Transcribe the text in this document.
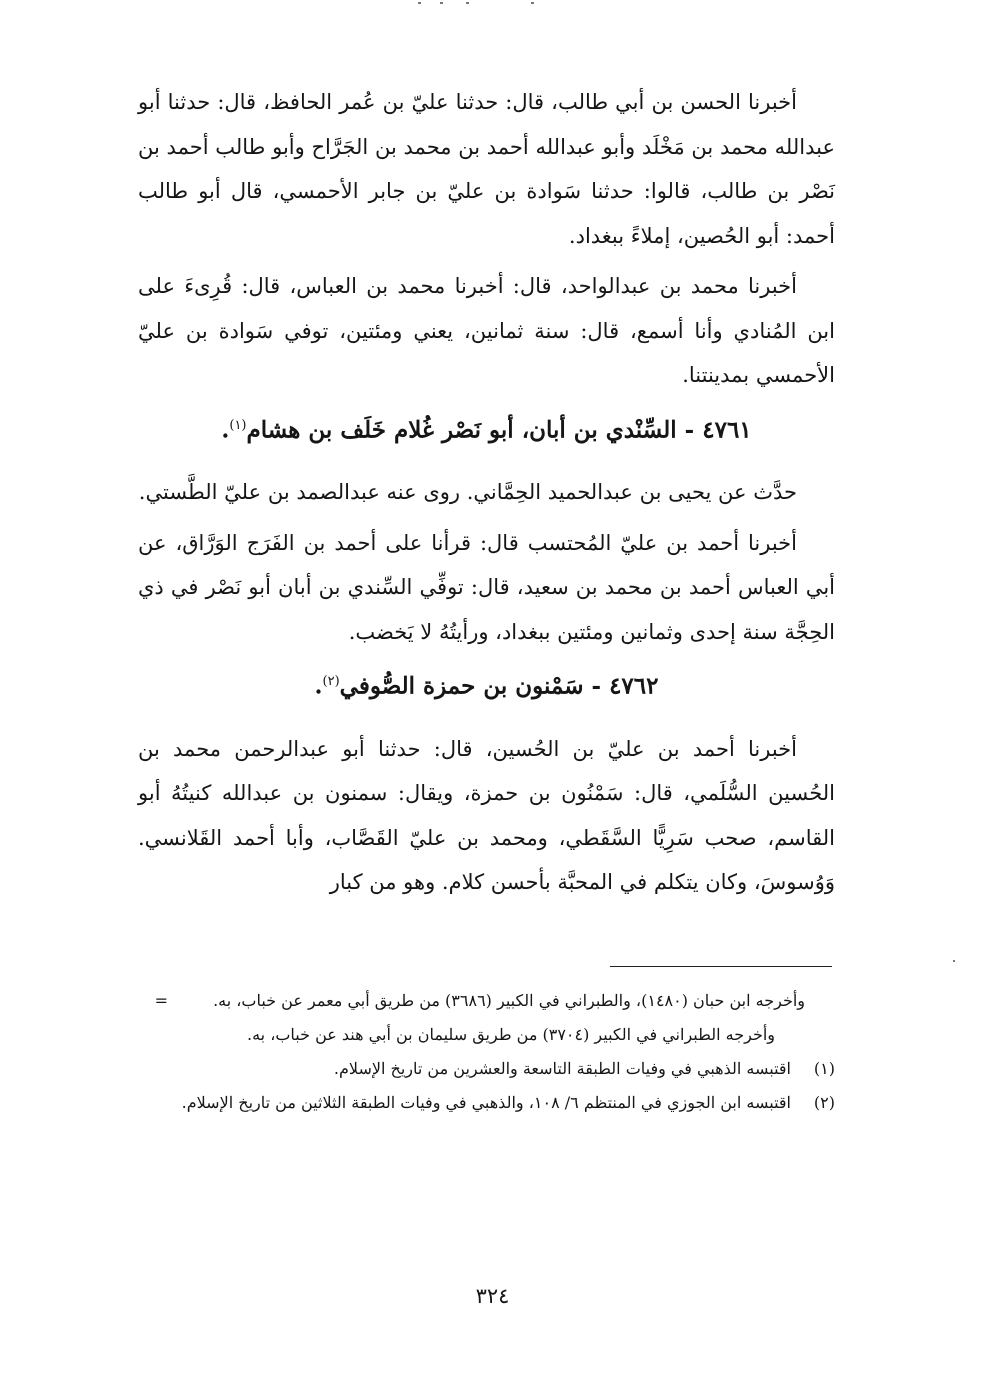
أخبرنا الحسن بن أبي طالب، قال: حدثنا عليّ بن عُمر الحافظ، قال: حدثنا أبو عبدالله محمد بن مَخْلَد وأبو عبدالله أحمد بن محمد بن الجَرَّاح وأبو طالب أحمد بن نَصْر بن طالب، قالوا: حدثنا سَوادة بن عليّ بن جابر الأحمسي، قال أبو طالب أحمد: أبو الحُصين، إملاءً ببغداد.

أخبرنا محمد بن عبدالواحد، قال: أخبرنا محمد بن العباس، قال: قُرِىءَ على ابن المُنادي وأنا أسمع، قال: سنة ثمانين، يعني ومئتين، توفي سَوادة بن عليّ الأحمسي بمدينتنا.

٤٧٦١ - السِّنْدي بن أبان، أبو نَصْر غُلام خَلَف بن هشام$^{(١)}$.

حدَّث عن يحيى بن عبدالحميد الحِمَّاني. روى عنه عبدالصمد بن عليّ الطَّستي.

أخبرنا أحمد بن عليّ المُحتسب قال: قرأنا على أحمد بن الفَرَج الوَرَّاق، عن أبي العباس أحمد بن محمد بن سعيد، قال: توفِّي السِّندي بن أبان أبو نَصْر في ذي الحِجَّة سنة إحدى وثمانين ومئتين ببغداد، ورأيتُهُ لا يَخضب.

٤٧٦٢ - سَمْنون بن حمزة الصُّوفي$^{(٢)}$.

أخبرنا أحمد بن عليّ بن الحُسين، قال: حدثنا أبو عبدالرحمن محمد بن الحُسين السُّلَمي، قال: سَمْنُون بن حمزة، ويقال: سمنون بن عبدالله كنيتُهُ أبو القاسم، صحب سَرِيًّا السَّقَطي، ومحمد بن عليّ القَصَّاب، وأبا أحمد القَلانسي. وَوُسوسَ، وكان يتكلم في المحبَّة بأحسن كلام. وهو من كبار

وأخرجه ابن حبان (١٤٨٠)، والطبراني في الكبير (٣٦٨٦) من طريق أبي معمر عن خباب، به.
=
وأخرجه الطبراني في الكبير (٣٧٠٤) من طريق سليمان بن أبي هند عن خباب، به.
(١)
اقتبسه الذهبي في وفيات الطبقة التاسعة والعشرين من تاريخ الإسلام.
(٢)
اقتبسه ابن الجوزي في المنتظم ٦/ ١٠٨، والذهبي في وفيات الطبقة الثلاثين من تاريخ الإسلام.
٣٢٤
